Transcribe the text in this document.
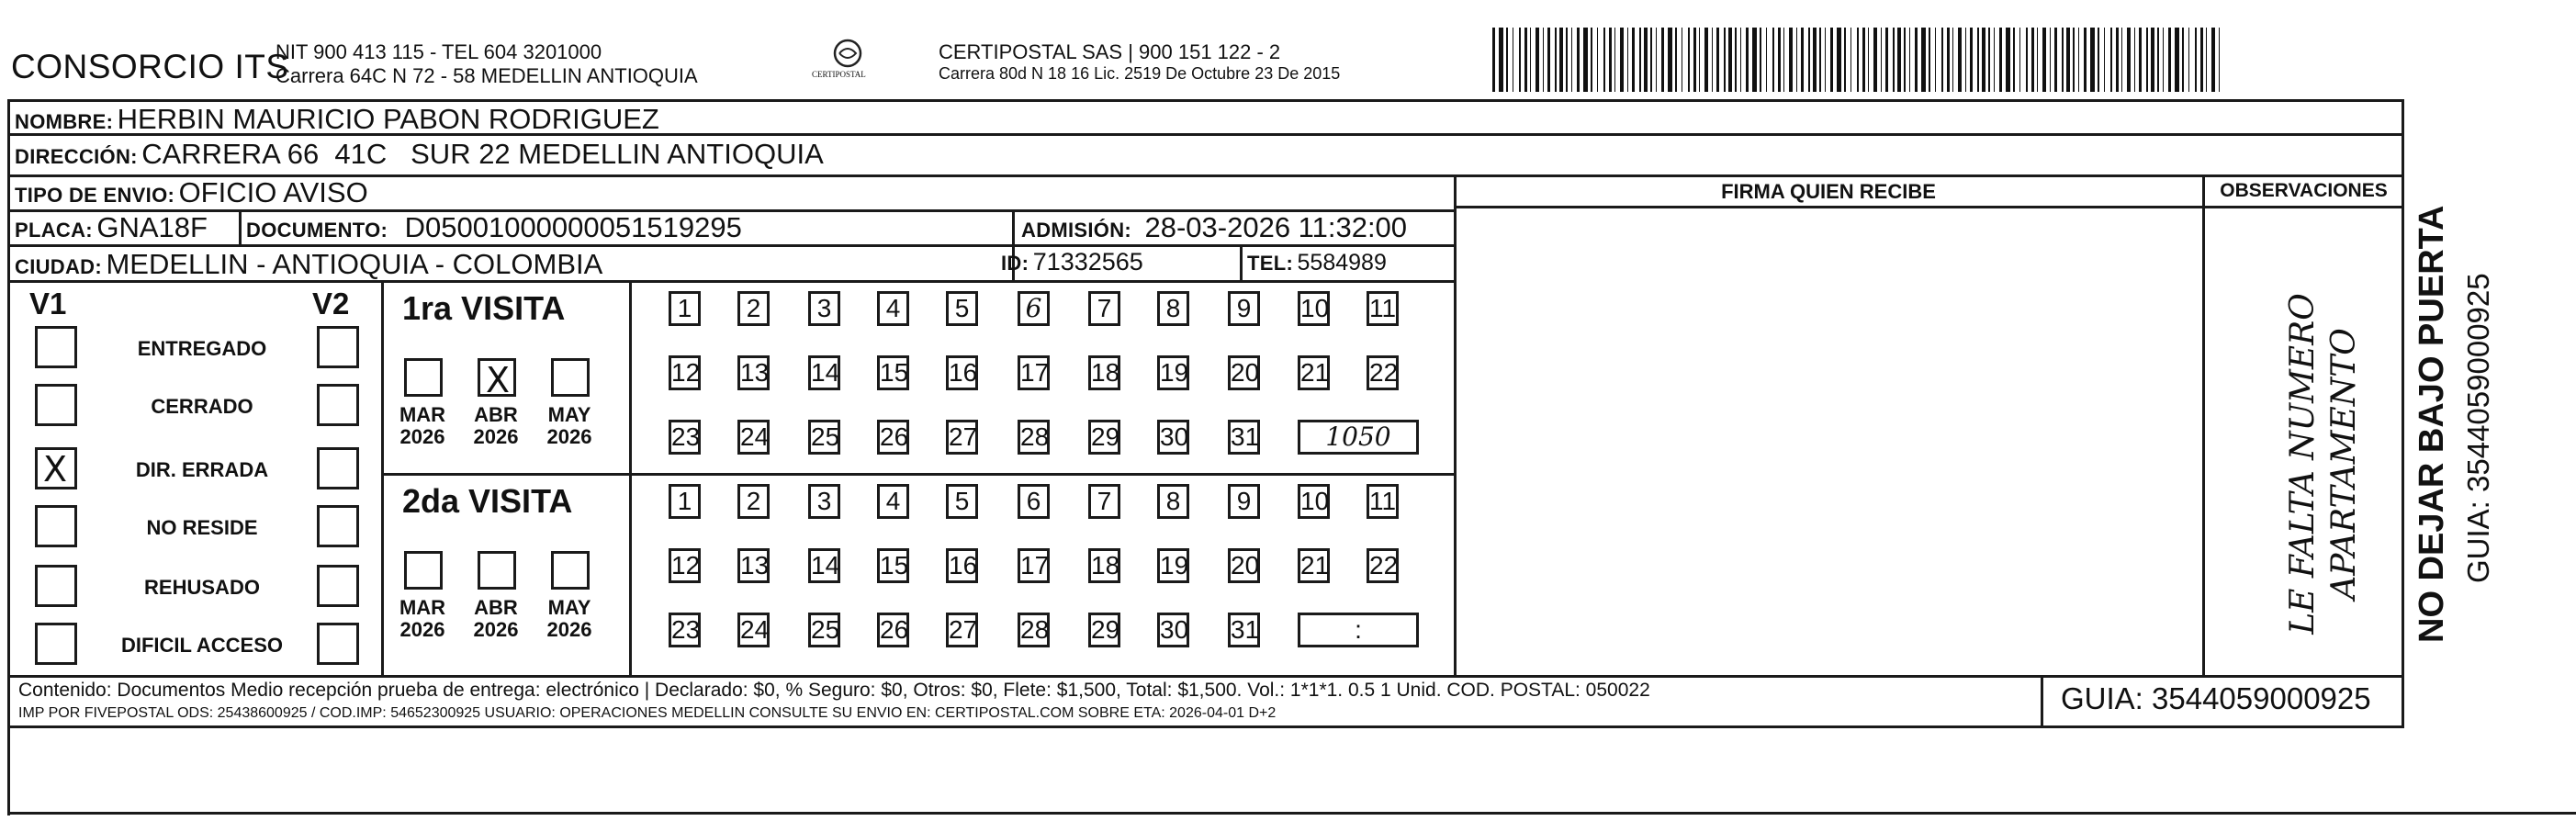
CONSORCIO ITS
NIT 900 413 115 - TEL 604 3201000
Carrera 64C N 72 - 58 MEDELLIN ANTIOQUIA	CERTIPOSTAL
CERTIPOSTAL SAS | 900 151 122 - 2
Carrera 80d N 18 16 Lic. 2519 De Octubre 23 De 2015
NOMBRE: HERBIN MAURICIO PABON RODRIGUEZ
DIRECCIÓN: CARRERA 66  41C   SUR 22 MEDELLIN ANTIOQUIA
TIPO DE ENVIO: OFICIO AVISO
PLACA: GNA18F DOCUMENTO: D05001000000051519295	ADMISIÓN: 28-03-2026 11:32:00
CIUDAD: MEDELLIN - ANTIOQUIA - COLOMBIA	ID: 71332565	TEL: 5584989
FIRMA QUIEN RECIBE	OBSERVACIONES
LE FALTA NUMERO APARTAMENTO
V1	V2
ENTREGADO
CERRADO
X	DIR. ERRADA
NO RESIDE
REHUSADO
DIFICIL ACCESO
1ra VISITA
MAR
2026
X
ABR
2026
MAY
2026
1	2	3	4	5	6	7	8	9	10 11
12 13 14 15 16 17 18 19 20 21 22
23 24 25 26 27 28 29 30 31	1050
2da VISITA
MAR
2026
ABR
2026
MAY
2026
1	2	3	4	5	6	7	8	9	10 11
12 13 14 15 16 17 18 19 20 21 22
23 24 25 26 27 28 29 30 31	:
Contenido: Documentos Medio recepción prueba de entrega: electrónico | Declarado: $0, % Seguro: $0, Otros: $0, Flete: $1,500, Total: $1,500. Vol.: 1*1*1. 0.5 1 Unid. COD. POSTAL: 050022
IMP POR FIVEPOSTAL ODS: 25438600925 / COD.IMP: 54652300925 USUARIO: OPERACIONES MEDELLIN CONSULTE SU ENVIO EN: CERTIPOSTAL.COM SOBRE ETA: 2026-04-01 D+2	GUIA: 3544059000925
NO DEJAR BAJO PUERTA GUIA: 3544059000925
